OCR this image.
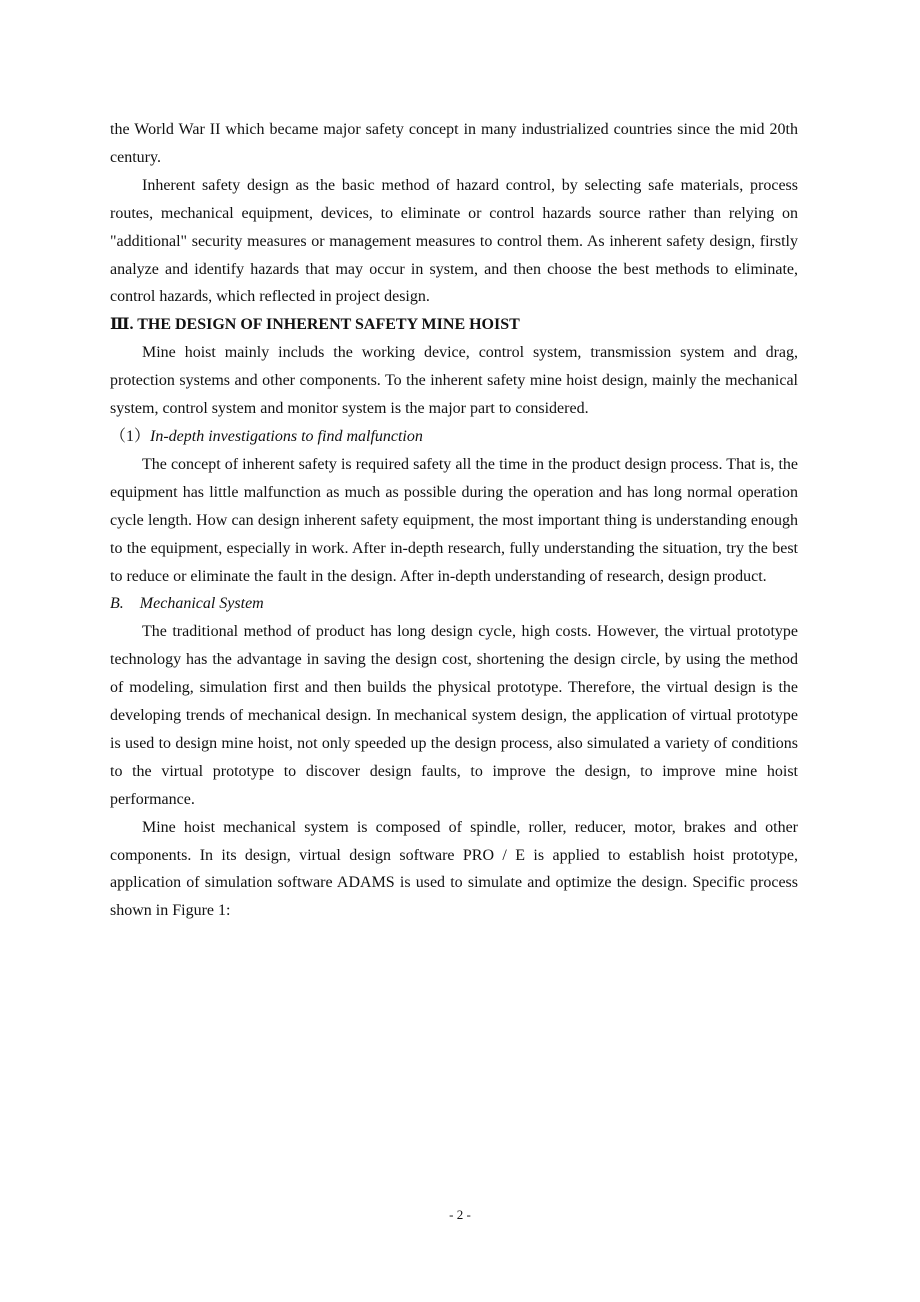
the World War II which became major safety concept in many industrialized countries since the mid 20th century.

Inherent safety design as the basic method of hazard control, by selecting safe materials, process routes, mechanical equipment, devices, to eliminate or control hazards source rather than relying on "additional" security measures or management measures to control them. As inherent safety design, firstly analyze and identify hazards that may occur in system, and then choose the best methods to eliminate, control hazards, which reflected in project design.

Ⅲ. THE DESIGN OF INHERENT SAFETY MINE HOIST

Mine hoist mainly includs the working device, control system, transmission system and drag, protection systems and other components. To the inherent safety mine hoist design, mainly the mechanical system, control system and monitor system is the major part to considered.

（1）In-depth investigations to find malfunction

The concept of inherent safety is required safety all the time in the product design process. That is, the equipment has little malfunction as much as possible during the operation and has long normal operation cycle length. How can design inherent safety equipment, the most important thing is understanding enough to the equipment, especially in work. After in-depth research, fully understanding the situation, try the best to reduce or eliminate the fault in the design. After in-depth understanding of research, design product.

B. Mechanical System

The traditional method of product has long design cycle, high costs. However, the virtual prototype technology has the advantage in saving the design cost, shortening the design circle, by using the method of modeling, simulation first and then builds the physical prototype. Therefore, the virtual design is the developing trends of mechanical design. In mechanical system design, the application of virtual prototype is used to design mine hoist, not only speeded up the design process, also simulated a variety of conditions to the virtual prototype to discover design faults, to improve the design, to improve mine hoist performance.

Mine hoist mechanical system is composed of spindle, roller, reducer, motor, brakes and other components. In its design, virtual design software PRO / E is applied to establish hoist prototype, application of simulation software ADAMS is used to simulate and optimize the design. Specific process shown in Figure 1:

- 2 -
